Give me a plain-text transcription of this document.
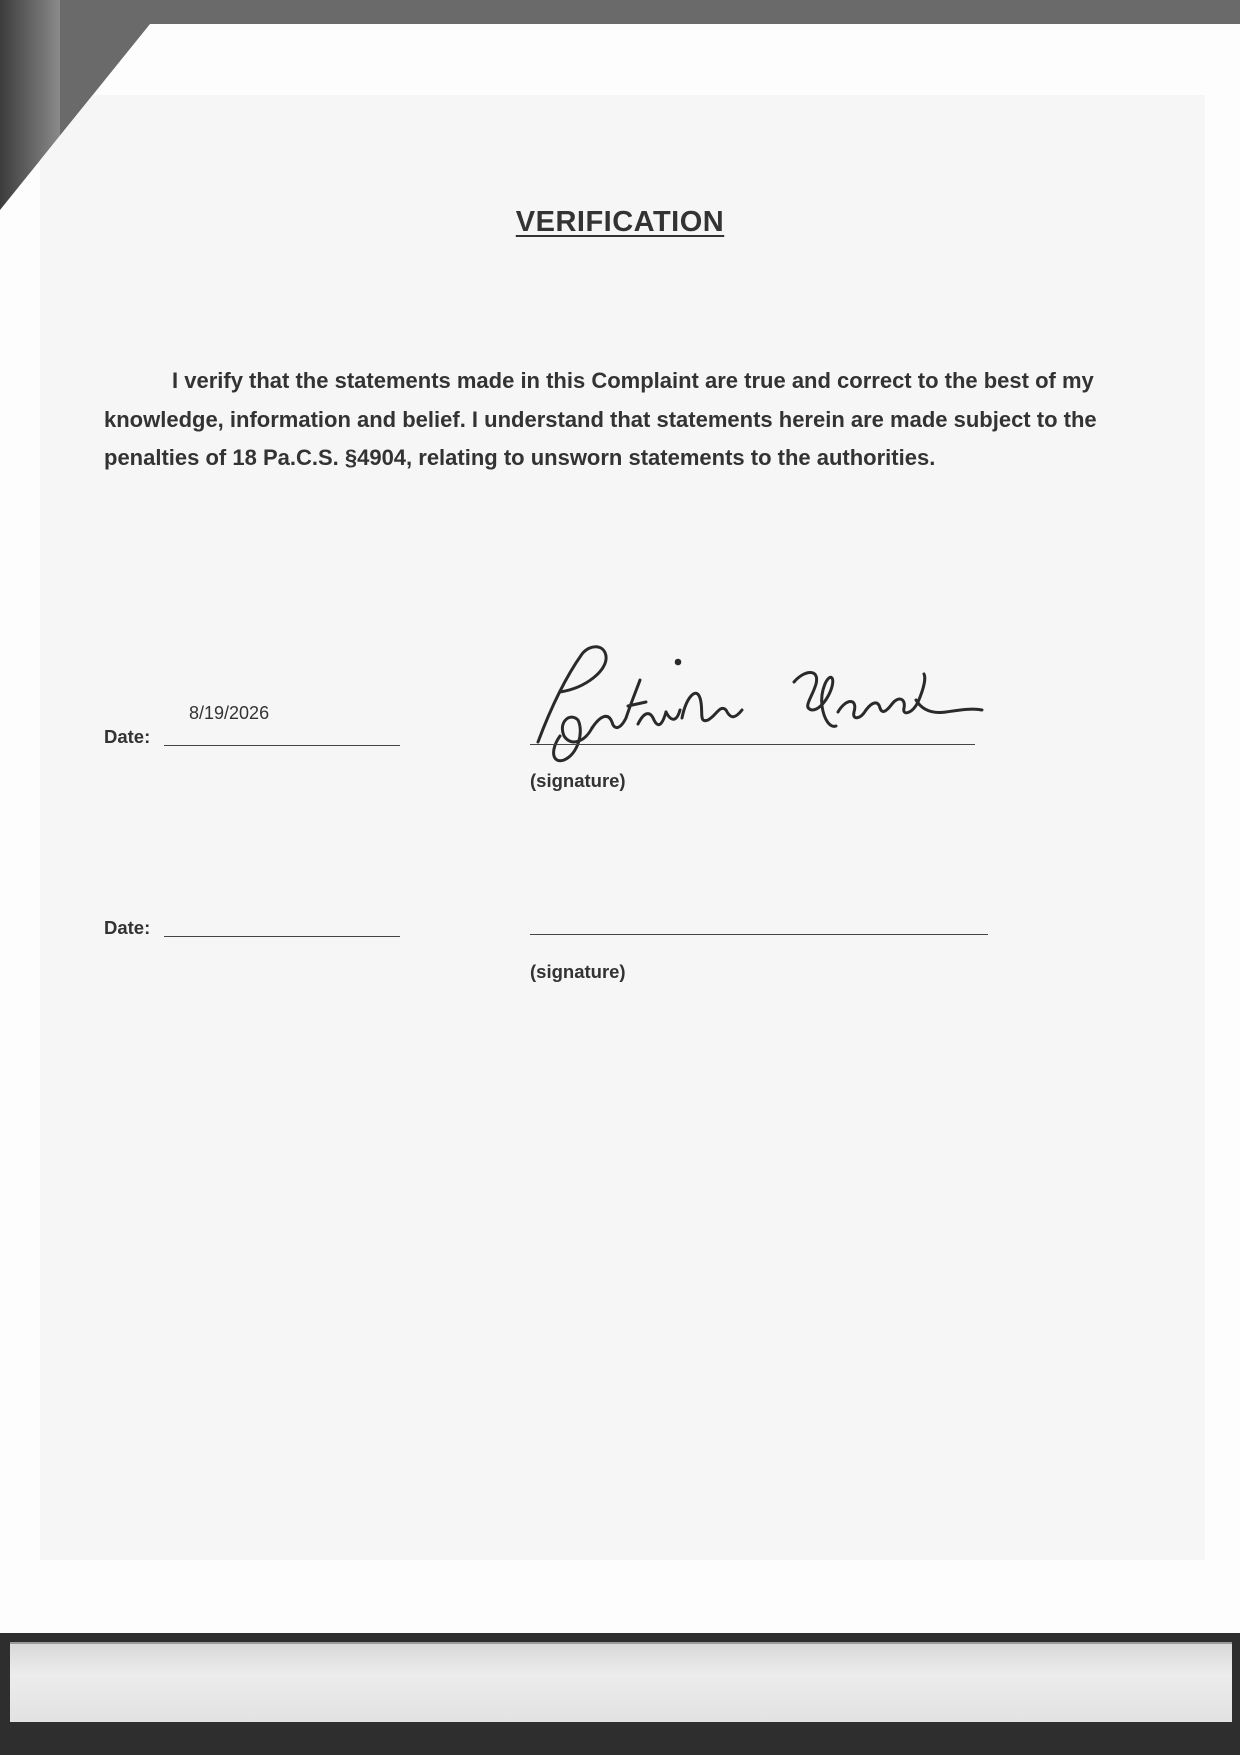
VERIFICATION

I verify that the statements made in this Complaint are true and correct to the best of my knowledge, information and belief. I understand that statements herein are made subject to the penalties of 18 Pa.C.S. §4904, relating to unsworn statements to the authorities.

8/19/2026
Date:
(signature)
Date:
(signature)
